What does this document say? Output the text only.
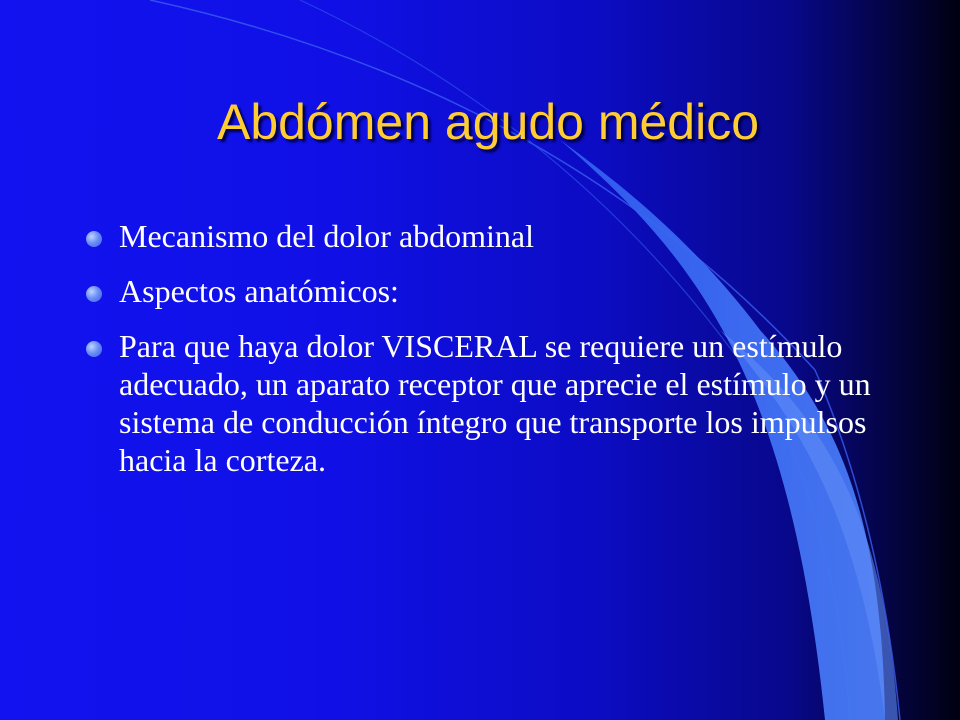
Abdómen agudo médico
Mecanismo del dolor abdominal
Aspectos anatómicos:
Para que haya dolor VISCERAL se requiere un estímulo adecuado, un aparato receptor que aprecie el estímulo y un sistema de conducción íntegro que transporte los impulsos hacia la corteza.
